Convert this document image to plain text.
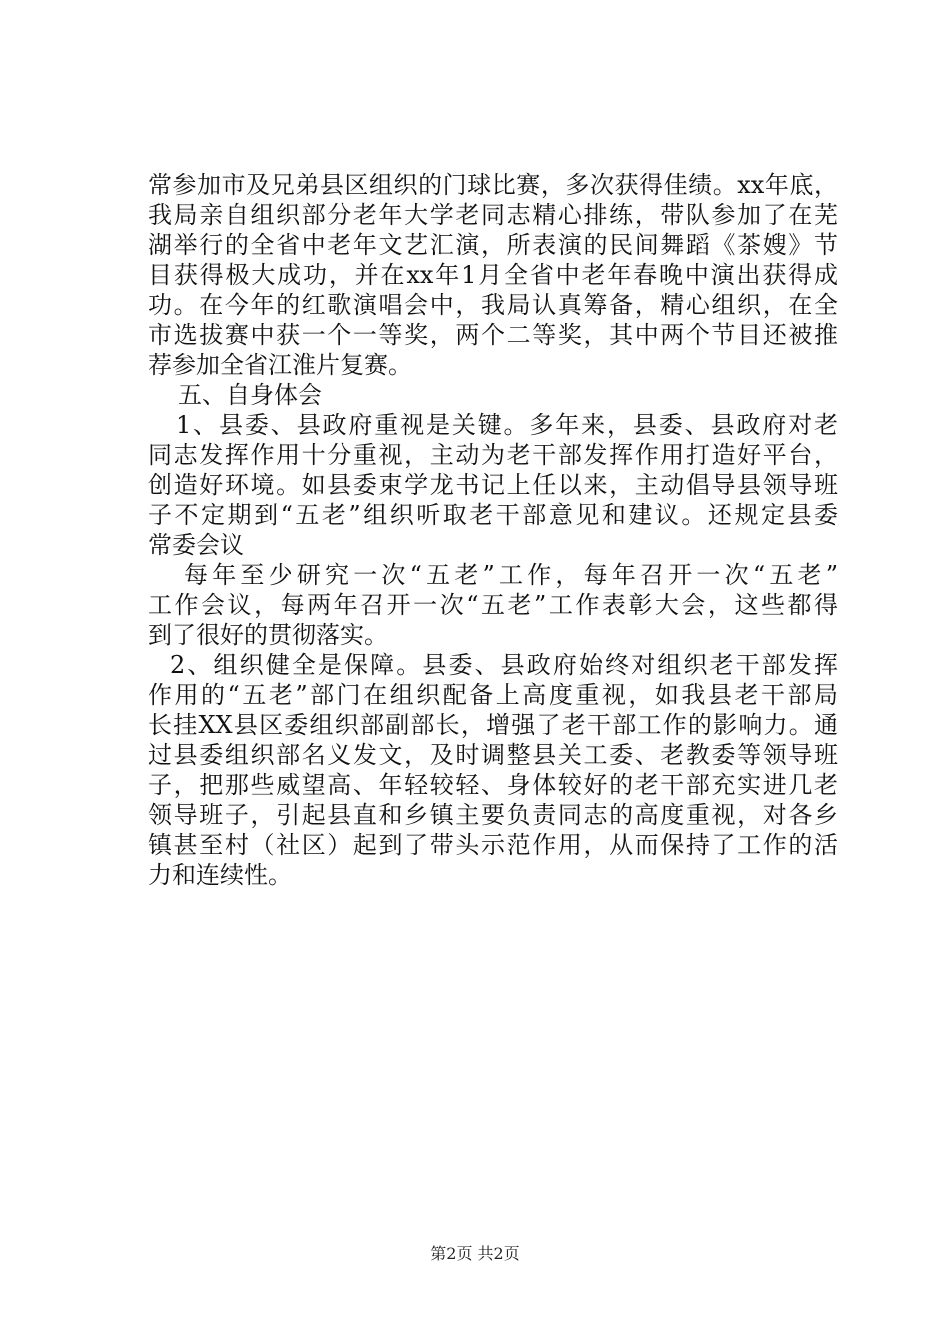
常参加市及兄弟县区组织的门球比赛，多次获得佳绩。xx年底，
我局亲自组织部分老年大学老同志精心排练，带队参加了在芜
湖举行的全省中老年文艺汇演，所表演的民间舞蹈《茶嫂》节
目获得极大成功，并在xx年1月全省中老年春晚中演出获得成
功。在今年的红歌演唱会中，我局认真筹备，精心组织，在全
市选拔赛中获一个一等奖，两个二等奖，其中两个节目还被推
荐参加全省江淮片复赛。
五、自身体会
1、县委、县政府重视是关键。多年来，县委、县政府对老
同志发挥作用十分重视，主动为老干部发挥作用打造好平台，
创造好环境。如县委束学龙书记上任以来，主动倡导县领导班
子不定期到“五老”组织听取老干部意见和建议。还规定县委
常委会议
每年至少研究一次“五老”工作，每年召开一次“五老”
工作会议，每两年召开一次“五老”工作表彰大会，这些都得
到了很好的贯彻落实。
2、组织健全是保障。县委、县政府始终对组织老干部发挥
作用的“五老”部门在组织配备上高度重视，如我县老干部局
长挂XX县区委组织部副部长，增强了老干部工作的影响力。通
过县委组织部名义发文，及时调整县关工委、老教委等领导班
子，把那些威望高、年轻较轻、身体较好的老干部充实进几老
领导班子，引起县直和乡镇主要负责同志的高度重视，对各乡
镇甚至村（社区）起到了带头示范作用，从而保持了工作的活
力和连续性。
第2页 共2页
